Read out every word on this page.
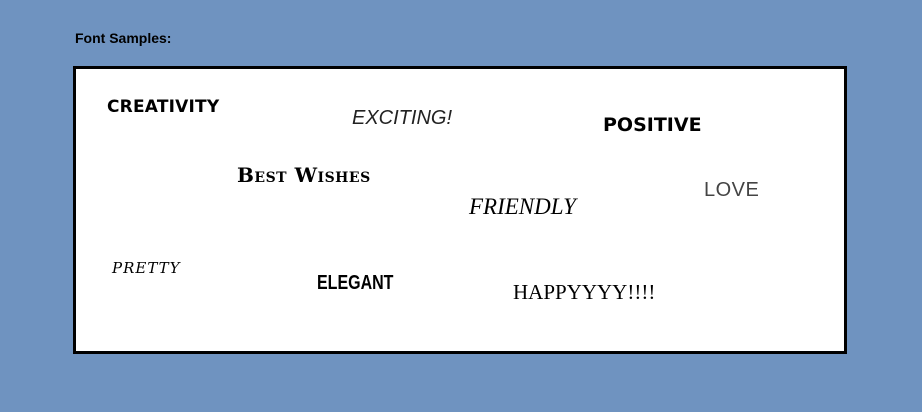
Font Samples:
CREATIVITY	EXCITING!	POSITIVE
Best Wishes
LOVE
FRIENDLY
pretty
ELEGANT	HAPPYYYY!!!!
